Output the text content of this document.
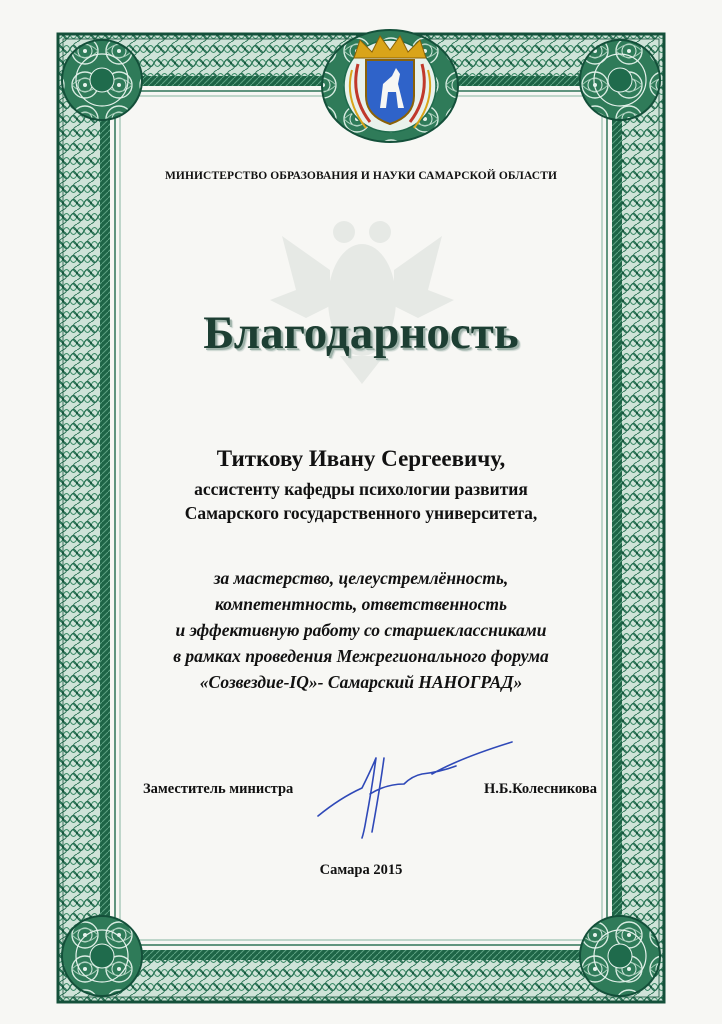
МИНИСТЕРСТВО ОБРАЗОВАНИЯ И НАУКИ САМАРСКОЙ ОБЛАСТИ

Благодарность

Титкову Ивану Сергеевичу,

ассистенту кафедры психологии развития

Самарского государственного университета,

за мастерство, целеустремлённость,

компетентность, ответственность

и эффективную работу со старшеклассниками

в рамках проведения Межрегионального форума

«Созвездие-IQ»- Самарский НАНОГРАД»

Заместитель министра	Н.Б.Колесникова

Самара 2015
